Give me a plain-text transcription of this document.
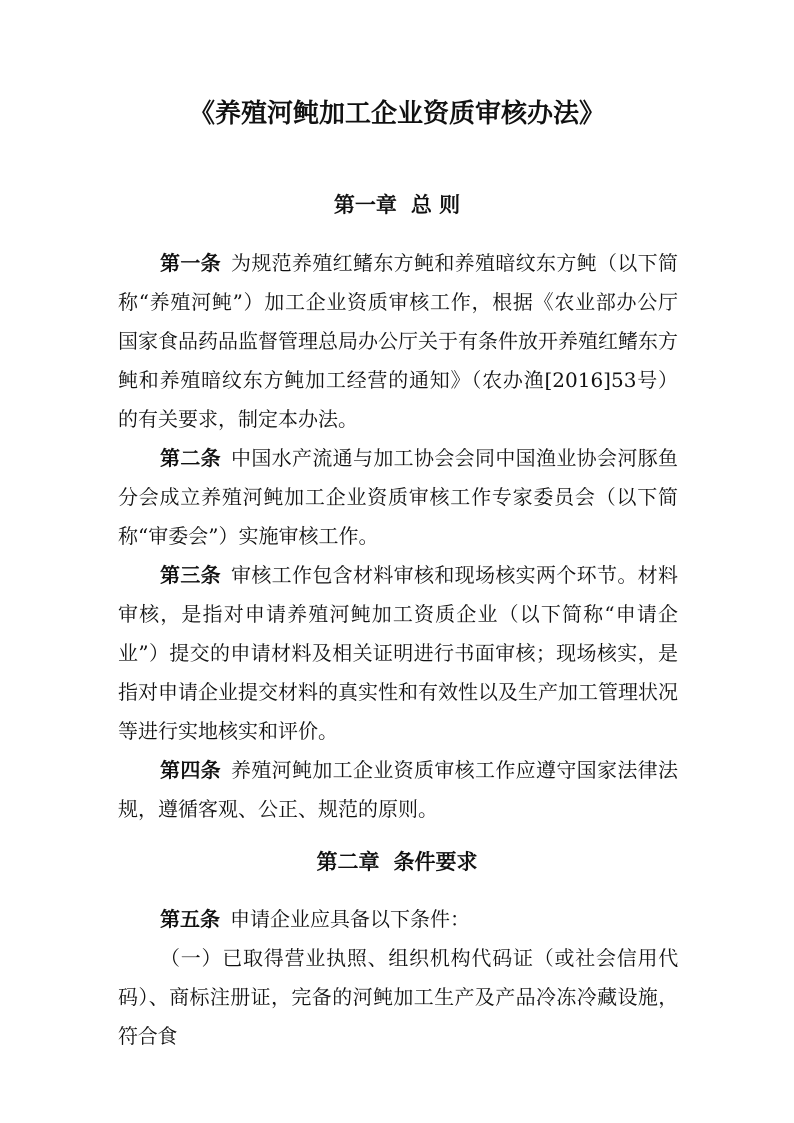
《养殖河鲀加工企业资质审核办法》
第一章 总 则

第一条 为规范养殖红鳍东方鲀和养殖暗纹东方鲀（以下简称“养殖河鲀”）加工企业资质审核工作，根据《农业部办公厅 国家食品药品监督管理总局办公厅关于有条件放开养殖红鳍东方鲀和养殖暗纹东方鲀加工经营的通知》（农办渔[2016]53号）的有关要求，制定本办法。

第二条 中国水产流通与加工协会会同中国渔业协会河豚鱼分会成立养殖河鲀加工企业资质审核工作专家委员会（以下简称“审委会”）实施审核工作。

第三条 审核工作包含材料审核和现场核实两个环节。材料审核，是指对申请养殖河鲀加工资质企业（以下简称“申请企业”）提交的申请材料及相关证明进行书面审核；现场核实，是指对申请企业提交材料的真实性和有效性以及生产加工管理状况等进行实地核实和评价。

第四条 养殖河鲀加工企业资质审核工作应遵守国家法律法规，遵循客观、公正、规范的原则。

第二章 条件要求

第五条 申请企业应具备以下条件：

（一）已取得营业执照、组织机构代码证（或社会信用代码）、商标注册证，完备的河鲀加工生产及产品冷冻冷藏设施，符合食
